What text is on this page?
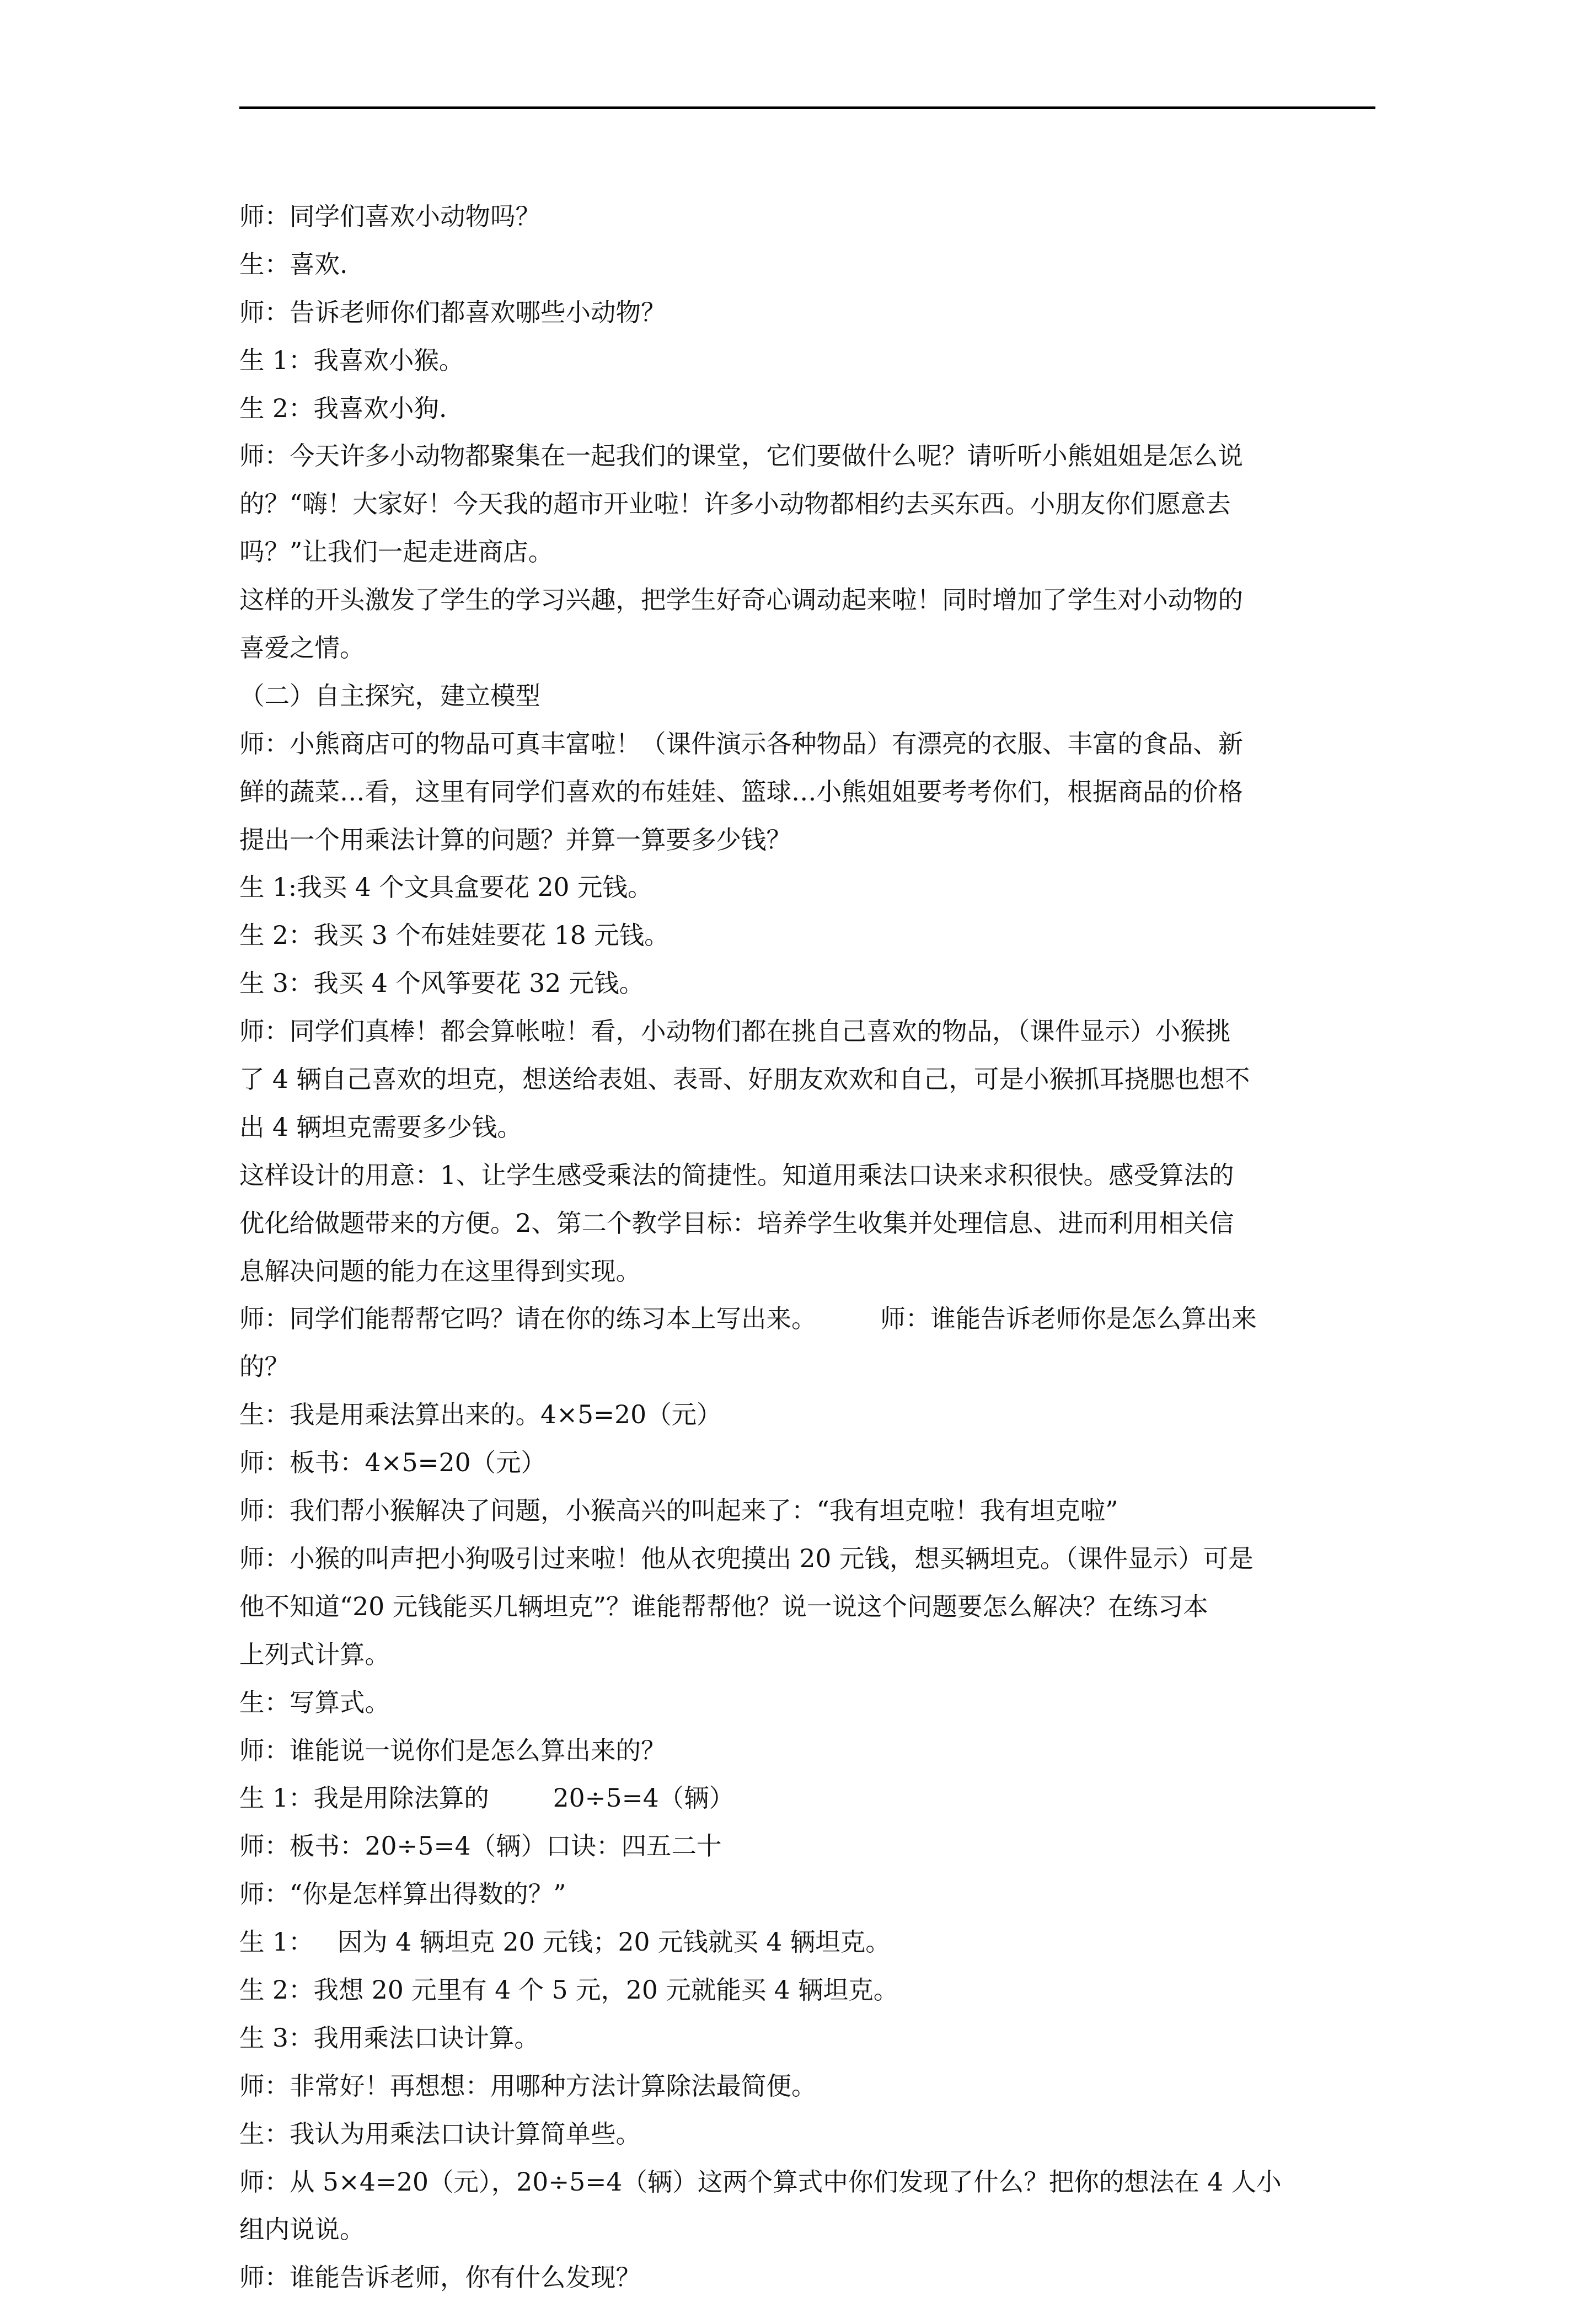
师：同学们喜欢小动物吗？
生：喜欢.
师：告诉老师你们都喜欢哪些小动物？
生 1：我喜欢小猴。
生 2：我喜欢小狗.
师：今天许多小动物都聚集在一起我们的课堂，它们要做什么呢？请听听小熊姐姐是怎么说
的？“嗨！大家好！今天我的超市开业啦！许多小动物都相约去买东西。小朋友你们愿意去
吗？”让我们一起走进商店。
这样的开头激发了学生的学习兴趣，把学生好奇心调动起来啦！同时增加了学生对小动物的
喜爱之情。
（二）自主探究，建立模型
师：小熊商店可的物品可真丰富啦！（课件演示各种物品）有漂亮的衣服、丰富的食品、新
鲜的蔬菜…看，这里有同学们喜欢的布娃娃、篮球…小熊姐姐要考考你们，根据商品的价格
提出一个用乘法计算的问题？并算一算要多少钱？
生 1:我买 4 个文具盒要花 20 元钱。
生 2：我买 3 个布娃娃要花 18 元钱。
生 3：我买 4 个风筝要花 32 元钱。
师：同学们真棒！都会算帐啦！看，小动物们都在挑自己喜欢的物品，（课件显示）小猴挑
了 4 辆自己喜欢的坦克，想送给表姐、表哥、好朋友欢欢和自己，可是小猴抓耳挠腮也想不
出 4 辆坦克需要多少钱。
这样设计的用意：1、让学生感受乘法的简捷性。知道用乘法口诀来求积很快。感受算法的
优化给做题带来的方便。2、第二个教学目标：培养学生收集并处理信息、进而利用相关信
息解决问题的能力在这里得到实现。
师：同学们能帮帮它吗？请在你的练习本上写出来。        师：谁能告诉老师你是怎么算出来
的？
生：我是用乘法算出来的。4×5=20（元）
师：板书：4×5=20（元）
师：我们帮小猴解决了问题，小猴高兴的叫起来了：“我有坦克啦！我有坦克啦”
师：小猴的叫声把小狗吸引过来啦！他从衣兜摸出 20 元钱，想买辆坦克。（课件显示）可是
他不知道“20 元钱能买几辆坦克”？谁能帮帮他？说一说这个问题要怎么解决？在练习本
上列式计算。
生：写算式。
师：谁能说一说你们是怎么算出来的？
生 1：我是用除法算的        20÷5=4（辆）
师：板书：20÷5=4（辆）口诀：四五二十
师：“你是怎样算出得数的？”
生 1：   因为 4 辆坦克 20 元钱；20 元钱就买 4 辆坦克。
生 2：我想 20 元里有 4 个 5 元，20 元就能买 4 辆坦克。
生 3：我用乘法口诀计算。
师：非常好！再想想：用哪种方法计算除法最简便。
生：我认为用乘法口诀计算简单些。
师：从 5×4=20（元），20÷5=4（辆）这两个算式中你们发现了什么？把你的想法在 4 人小
组内说说。
师：谁能告诉老师，你有什么发现？
